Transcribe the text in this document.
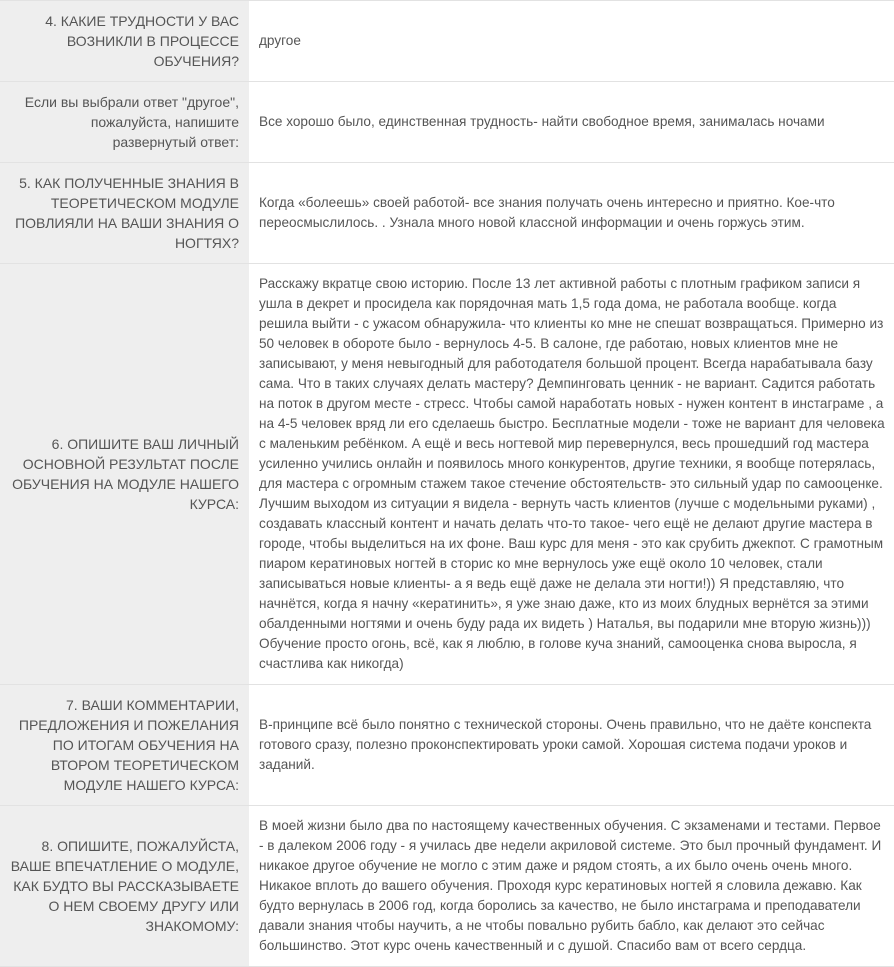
4. КАКИЕ ТРУДНОСТИ У ВАС ВОЗНИКЛИ В ПРОЦЕССЕ ОБУЧЕНИЯ?	другое
Если вы выбрали ответ "другое", пожалуйста, напишите развернутый ответ:	Все хорошо было, единственная трудность- найти свободное время, занималась ночами
5. КАК ПОЛУЧЕННЫЕ ЗНАНИЯ В ТЕОРЕТИЧЕСКОМ МОДУЛЕ ПОВЛИЯЛИ НА ВАШИ ЗНАНИЯ О НОГТЯХ?	Когда «болеешь» своей работой- все знания получать очень интересно и приятно. Кое-что переосмыслилось. . Узнала много новой классной информации и очень горжусь этим.
6. ОПИШИТЕ ВАШ ЛИЧНЫЙ ОСНОВНОЙ РЕЗУЛЬТАТ ПОСЛЕ ОБУЧЕНИЯ НА МОДУЛЕ НАШЕГО КУРСА:	Расскажу вкратце свою историю. После 13 лет активной работы с плотным графиком записи я ушла в декрет и просидела как порядочная мать 1,5 года дома, не работала вообще. когда решила выйти - с ужасом обнаружила- что клиенты ко мне не спешат возвращаться. Примерно из 50 человек в обороте было - вернулось 4-5. В салоне, где работаю, новых клиентов мне не записывают, у меня невыгодный для работодателя большой процент. Всегда нарабатывала базу сама. Что в таких случаях делать мастеру? Демпинговать ценник - не вариант. Садится работать на поток в другом месте - стресс. Чтобы самой наработать новых - нужен контент в инстаграме , а на 4-5 человек вряд ли его сделаешь быстро. Бесплатные модели - тоже не вариант для человека с маленьким ребёнком. А ещё и весь ногтевой мир перевернулся, весь прошедший год мастера усиленно учились онлайн и появилось много конкурентов, другие техники, я вообще потерялась, для мастера с огромным стажем такое стечение обстоятельств- это сильный удар по самооценке. Лучшим выходом из ситуации я видела - вернуть часть клиентов (лучше с модельными руками) , создавать классный контент и начать делать что-то такое- чего ещё не делают другие мастера в городе, чтобы выделиться на их фоне. Ваш курс для меня - это как срубить джекпот. С грамотным пиаром кератиновых ногтей в сторис ко мне вернулось уже ещё около 10 человек, стали записываться новые клиенты- а я ведь ещё даже не делала эти ногти!)) Я представляю, что начнётся, когда я начну «кератинить», я уже знаю даже, кто из моих блудных вернётся за этими обалденными ногтями и очень буду рада их видеть ) Наталья, вы подарили мне вторую жизнь))) Обучение просто огонь, всё, как я люблю, в голове куча знаний, самооценка снова выросла, я счастлива как никогда)
7. ВАШИ КОММЕНТАРИИ, ПРЕДЛОЖЕНИЯ И ПОЖЕЛАНИЯ ПО ИТОГАМ ОБУЧЕНИЯ НА ВТОРОМ ТЕОРЕТИЧЕСКОМ МОДУЛЕ НАШЕГО КУРСА:	В-принципе всё было понятно с технической стороны. Очень правильно, что не даёте конспекта готового сразу, полезно проконспектировать уроки самой. Хорошая система подачи уроков и заданий.
8. ОПИШИТЕ, ПОЖАЛУЙСТА, ВАШЕ ВПЕЧАТЛЕНИЕ О МОДУЛЕ, КАК БУДТО ВЫ РАССКАЗЫВАЕТЕ О НЕМ СВОЕМУ ДРУГУ ИЛИ ЗНАКОМОМУ:	В моей жизни было два по настоящему качественных обучения. С экзаменами и тестами. Первое - в далеком 2006 году - я училась две недели акриловой системе. Это был прочный фундамент. И никакое другое обучение не могло с этим даже и рядом стоять, а их было очень очень много. Никакое вплоть до вашего обучения. Проходя курс кератиновых ногтей я словила дежавю. Как будто вернулась в 2006 год, когда боролись за качество, не было инстаграма и преподаватели давали знания чтобы научить, а не чтобы повально рубить бабло, как делают это сейчас большинство. Этот курс очень качественный и с душой. Спасибо вам от всего сердца.
